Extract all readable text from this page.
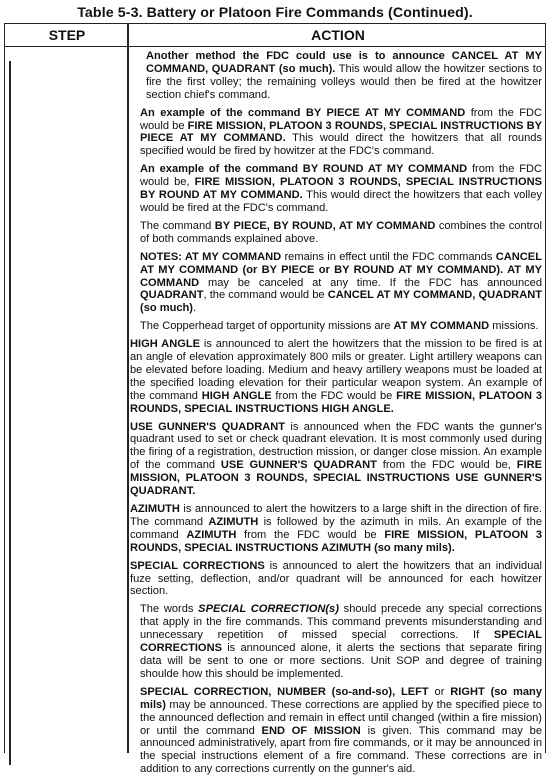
Table 5-3. Battery or Platoon Fire Commands (Continued).
STEP	ACTION

Another method the FDC could use is to announce CANCEL AT MY COMMAND, QUADRANT (so much). This would allow the howitzer sections to fire the first volley; the remaining volleys would then be fired at the howitzer section chief's command.

An example of the command BY PIECE AT MY COMMAND from the FDC would be FIRE MISSION, PLATOON 3 ROUNDS, SPECIAL INSTRUCTIONS BY PIECE AT MY COMMAND. This would direct the howitzers that all rounds specified would be fired by howitzer at the FDC's command.

An example of the command BY ROUND AT MY COMMAND from the FDC would be, FIRE MISSION, PLATOON 3 ROUNDS, SPECIAL INSTRUCTIONS BY ROUND AT MY COMMAND. This would direct the howitzers that each volley would be fired at the FDC's command.

The command BY PIECE, BY ROUND, AT MY COMMAND combines the control of both commands explained above.

NOTES: AT MY COMMAND remains in effect until the FDC commands CANCEL AT MY COMMAND (or BY PIECE or BY ROUND AT MY COMMAND). AT MY COMMAND may be canceled at any time. If the FDC has announced QUADRANT, the command would be CANCEL AT MY COMMAND, QUADRANT (so much).

The Copperhead target of opportunity missions are AT MY COMMAND missions.

HIGH ANGLE is announced to alert the howitzers that the mission to be fired is at an angle of elevation approximately 800 mils or greater. Light artillery weapons can be elevated before loading. Medium and heavy artillery weapons must be loaded at the specified loading elevation for their particular weapon system. An example of the command HIGH ANGLE from the FDC would be FIRE MISSION, PLATOON 3 ROUNDS, SPECIAL INSTRUCTIONS HIGH ANGLE.

USE GUNNER'S QUADRANT is announced when the FDC wants the gunner's quadrant used to set or check quadrant elevation. It is most commonly used during the firing of a registration, destruction mission, or danger close mission. An example of the command USE GUNNER'S QUADRANT from the FDC would be, FIRE MISSION, PLATOON 3 ROUNDS, SPECIAL INSTRUCTIONS USE GUNNER'S QUADRANT.

AZIMUTH is announced to alert the howitzers to a large shift in the direction of fire. The command AZIMUTH is followed by the azimuth in mils. An example of the command AZIMUTH from the FDC would be FIRE MISSION, PLATOON 3 ROUNDS, SPECIAL INSTRUCTIONS AZIMUTH (so many mils).

SPECIAL CORRECTIONS is announced to alert the howitzers that an individual fuze setting, deflection, and/or quadrant will be announced for each howitzer section.

The words SPECIAL CORRECTION(s) should precede any special corrections that apply in the fire commands. This command prevents misunderstanding and unnecessary repetition of missed special corrections. If SPECIAL CORRECTIONS is announced alone, it alerts the sections that separate firing data will be sent to one or more sections. Unit SOP and degree of training shoulde how this should be implemented.

SPECIAL CORRECTION, NUMBER (so-and-so), LEFT or RIGHT (so many mils) may be announced. These corrections are applied by the specified piece to the announced deflection and remain in effect until changed (within a fire mission) or until the command END OF MISSION is given. This command may be announced administratively, apart from fire commands, or it may be announced in the special instructions element of a fire command. These corrections are in addition to any corrections currently on the gunner's aid.
